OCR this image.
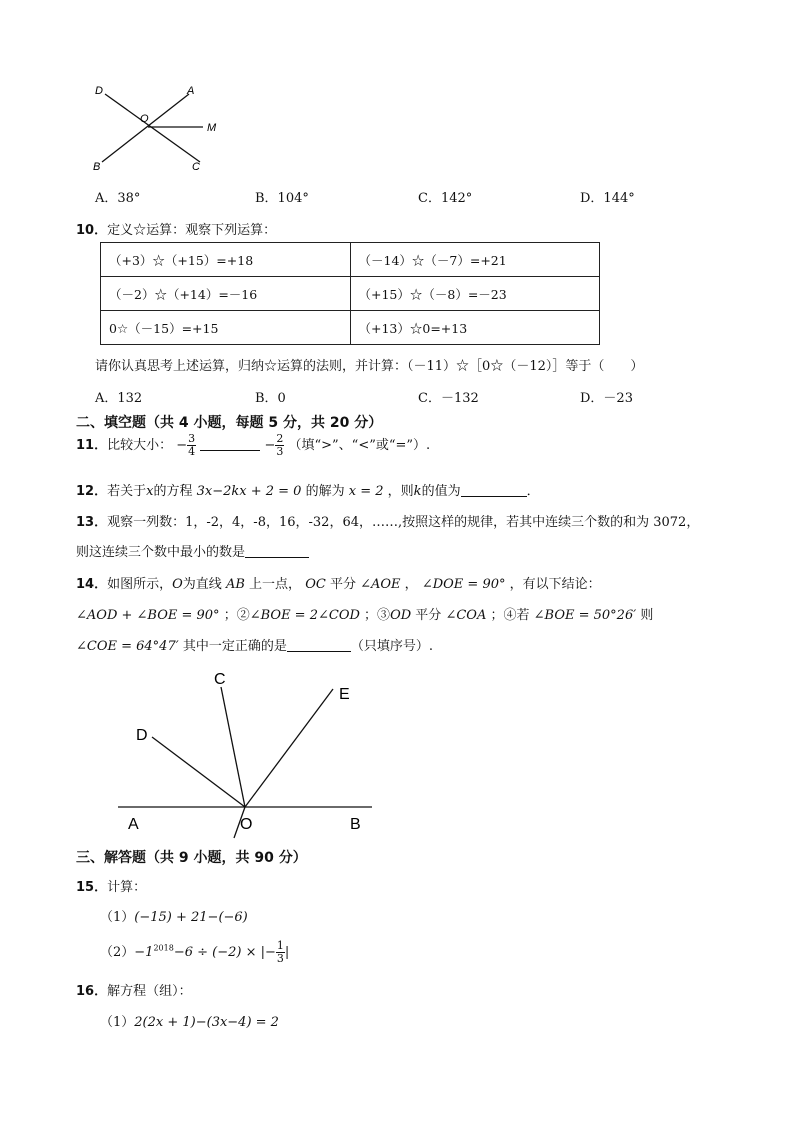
D	A
O
M
B	C
A．38°	B．104°	C．142°	D．144°
10．定义☆运算：观察下列运算：
（+3）☆（+15）=+18	（－14）☆（－7）=+21
（－2）☆（+14）=－16	（+15）☆（－8）=－23
0☆（－15）=+15	（+13）☆0=+13
请你认真思考上述运算，归纳☆运算的法则，并计算：（－11）☆［0☆（－12）］等于（　　）
A．132	B．0	C．－132	D．－23
二、填空题（共 4 小题，每题 5 分，共 20 分）
11．比较大小： − $\frac{3}{4}$	− $\frac{2}{3}$ （填“>”、“<”或“=”）.
12．若关于x的方程 3x−2kx + 2 = 0 的解为 x = 2 ，则k的值为	．
13．观察一列数：1，-2，4，-8，16，-32，64，……,按照这样的规律，若其中连续三个数的和为 3072，
则这连续三个数中最小的数是
14．如图所示，O为直线 AB 上一点， OC 平分 ∠AOE ， ∠DOE = 90° ，有以下结论：
∠AOD + ∠BOE = 90° ；②∠BOE = 2∠COD ；③OD 平分 ∠COA ；④若 ∠BOE = 50°26′ 则
∠COE = 64°47′ 其中一定正确的是	（只填序号）.
C
E
D
A	O	B
三、解答题（共 9 小题，共 90 分）
15．计算：
（1）(−15) + 21−(−6)
$(2)-1^{2018}-6 \div (-2)$ × |− $\frac{1}{3}$ |
16．解方程（组）：
（1）2(2x + 1)−(3x−4) = 2
